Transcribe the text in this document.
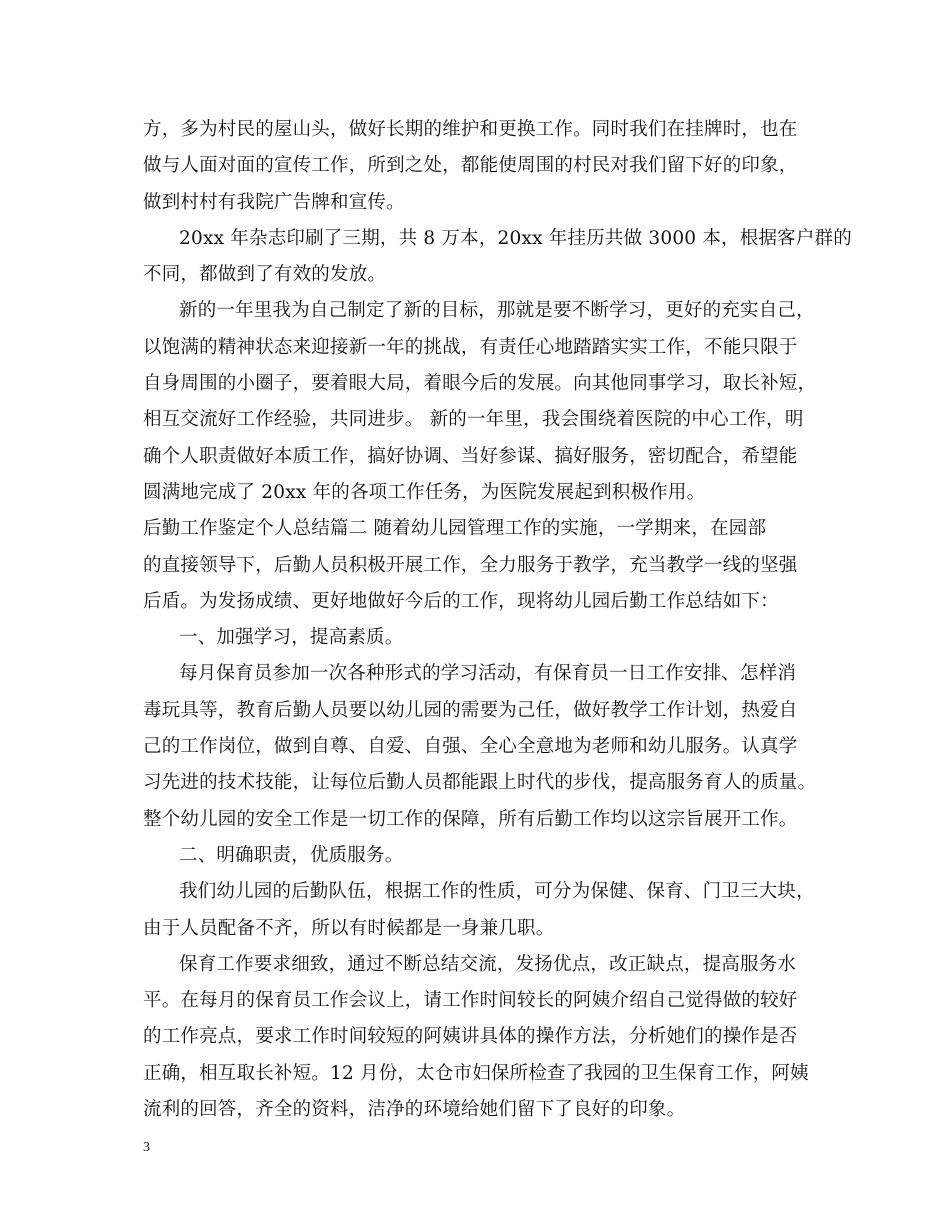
方，多为村民的屋山头，做好长期的维护和更换工作。同时我们在挂牌时，也在
做与人面对面的宣传工作，所到之处，都能使周围的村民对我们留下好的印象，
做到村村有我院广告牌和宣传。
20xx 年杂志印刷了三期，共 8 万本，20xx 年挂历共做 3000 本，根据客户群的
不同，都做到了有效的发放。
新的一年里我为自己制定了新的目标，那就是要不断学习，更好的充实自己，
以饱满的精神状态来迎接新一年的挑战，有责任心地踏踏实实工作，不能只限于
自身周围的小圈子，要着眼大局，着眼今后的发展。向其他同事学习，取长补短，
相互交流好工作经验，共同进步。 新的一年里，我会围绕着医院的中心工作，明
确个人职责做好本质工作，搞好协调、当好参谋、搞好服务，密切配合，希望能
圆满地完成了 20xx 年的各项工作任务，为医院发展起到积极作用。
后勤工作鉴定个人总结篇二 随着幼儿园管理工作的实施，一学期来，在园部
的直接领导下，后勤人员积极开展工作，全力服务于教学，充当教学一线的坚强
后盾。为发扬成绩、更好地做好今后的工作，现将幼儿园后勤工作总结如下：
一、加强学习，提高素质。
每月保育员参加一次各种形式的学习活动，有保育员一日工作安排、怎样消
毒玩具等，教育后勤人员要以幼儿园的需要为己任，做好教学工作计划，热爱自
己的工作岗位，做到自尊、自爱、自强、全心全意地为老师和幼儿服务。认真学
习先进的技术技能，让每位后勤人员都能跟上时代的步伐，提高服务育人的质量。
整个幼儿园的安全工作是一切工作的保障，所有后勤工作均以这宗旨展开工作。
二、明确职责，优质服务。
我们幼儿园的后勤队伍，根据工作的性质，可分为保健、保育、门卫三大块，
由于人员配备不齐，所以有时候都是一身兼几职。
保育工作要求细致，通过不断总结交流，发扬优点，改正缺点，提高服务水
平。在每月的保育员工作会议上，请工作时间较长的阿姨介绍自己觉得做的较好
的工作亮点，要求工作时间较短的阿姨讲具体的操作方法，分析她们的操作是否
正确，相互取长补短。12 月份，太仓市妇保所检查了我园的卫生保育工作，阿姨
流利的回答，齐全的资料，洁净的环境给她们留下了良好的印象。
3
